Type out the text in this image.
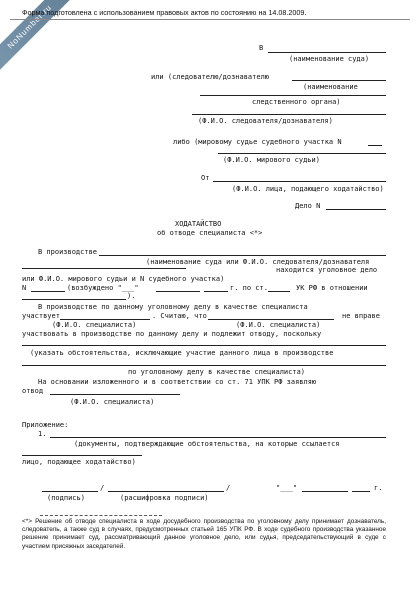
NoNumber.ru
Форма подготовлена с использованием правовых актов по состоянию на 14.08.2009.
В
(наименование суда)
или (следователю/дознавателю
(наименование
следственного органа)
(Ф.И.О. следователя/дознавателя)
либо (мировому судье судебного участка N
(Ф.И.О. мирового судьи)
От
(Ф.И.О. лица, подающего ходатайство)
Дело N
ХОДАТАЙСТВО
об отводе специалиста <*>
В производстве
(наименование суда или Ф.И.О. следователя/дознавателя
находится уголовное дело
или Ф.И.О. мирового судьи и N судебного участка)
N	(возбуждено "___"	г. по ст.	УК РФ в отношении
).
В производстве по данному уголовному делу в качестве специалиста
участвует	. Считаю, что	не вправе
(Ф.И.О. специалиста)	(Ф.И.О. специалиста)
участвовать в производстве по данному делу и подлежит отводу, поскольку
(указать обстоятельства, исключающие участие данного лица в производстве
по уголовному делу в качестве специалиста)
На основании изложенного и в соответствии со ст. 71 УПК РФ заявляю
отвод
(Ф.И.О. специалиста)
Приложение:
1.
(документы, подтверждающие обстоятельства, на которые ссылается
лицо, подающее ходатайство)
/	/
(подпись)	(расшифровка подписи)
"___"	г.
<*> Решение об отводе специалиста в ходе досудебного производства по уголовному делу принимает дознаватель, следователь, а также суд в случаях, предусмотренных статьей 165 УПК РФ. В ходе судебного производства указанное решение принимает суд, рассматривающий данное уголовное дело, или судья, председательствующий в суде с участием присяжных заседателей.
